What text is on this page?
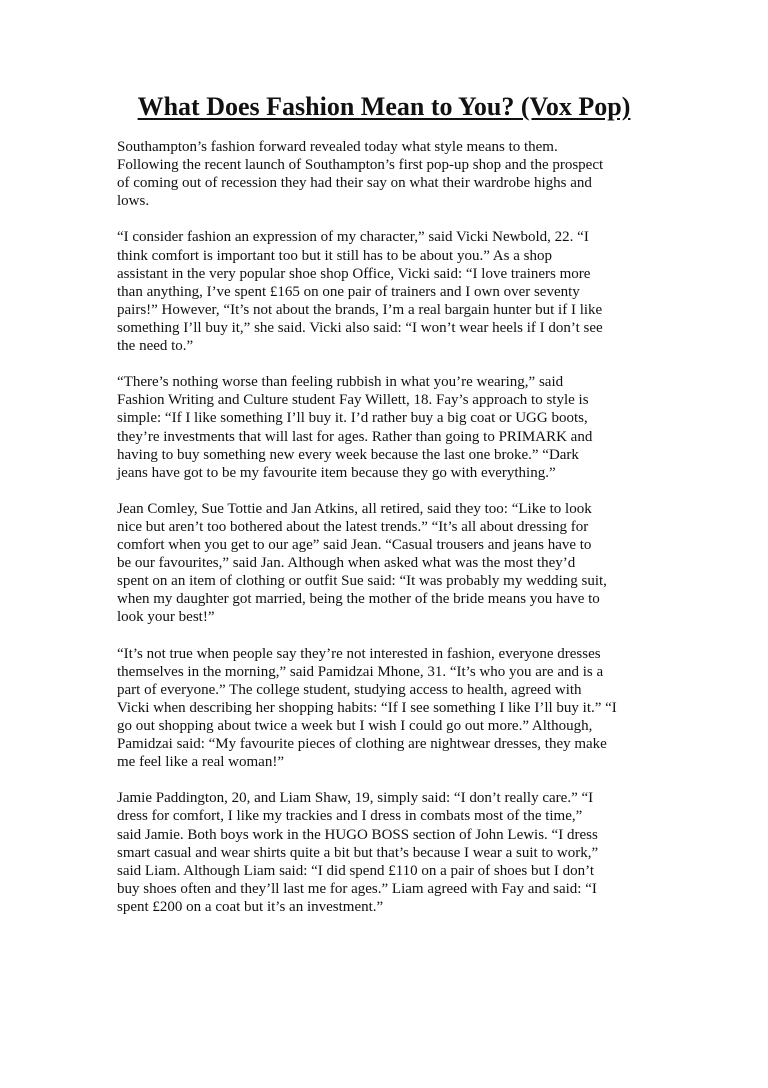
What Does Fashion Mean to You? (Vox Pop)

Southampton’s fashion forward revealed today what style means to them.
Following the recent launch of Southampton’s first pop-up shop and the prospect
of coming out of recession they had their say on what their wardrobe highs and
lows.

“I consider fashion an expression of my character,” said Vicki Newbold, 22. “I
think comfort is important too but it still has to be about you.” As a shop
assistant in the very popular shoe shop Office, Vicki said: “I love trainers more
than anything, I’ve spent £165 on one pair of trainers and I own over seventy
pairs!” However, “It’s not about the brands, I’m a real bargain hunter but if I like
something I’ll buy it,” she said. Vicki also said: “I won’t wear heels if I don’t see
the need to.”

“There’s nothing worse than feeling rubbish in what you’re wearing,” said
Fashion Writing and Culture student Fay Willett, 18. Fay’s approach to style is
simple: “If I like something I’ll buy it. I’d rather buy a big coat or UGG boots,
they’re investments that will last for ages. Rather than going to PRIMARK and
having to buy something new every week because the last one broke.” “Dark
jeans have got to be my favourite item because they go with everything.”

Jean Comley, Sue Tottie and Jan Atkins, all retired, said they too: “Like to look
nice but aren’t too bothered about the latest trends.” “It’s all about dressing for
comfort when you get to our age” said Jean. “Casual trousers and jeans have to
be our favourites,” said Jan. Although when asked what was the most they’d
spent on an item of clothing or outfit Sue said: “It was probably my wedding suit,
when my daughter got married, being the mother of the bride means you have to
look your best!”

“It’s not true when people say they’re not interested in fashion, everyone dresses
themselves in the morning,” said Pamidzai Mhone, 31. “It’s who you are and is a
part of everyone.” The college student, studying access to health, agreed with
Vicki when describing her shopping habits: “If I see something I like I’ll buy it.” “I
go out shopping about twice a week but I wish I could go out more.” Although,
Pamidzai said: “My favourite pieces of clothing are nightwear dresses, they make
me feel like a real woman!”

Jamie Paddington, 20, and Liam Shaw, 19, simply said: “I don’t really care.” “I
dress for comfort, I like my trackies and I dress in combats most of the time,”
said Jamie. Both boys work in the HUGO BOSS section of John Lewis. “I dress
smart casual and wear shirts quite a bit but that’s because I wear a suit to work,”
said Liam. Although Liam said: “I did spend £110 on a pair of shoes but I don’t
buy shoes often and they’ll last me for ages.” Liam agreed with Fay and said: “I
spent £200 on a coat but it’s an investment.”
